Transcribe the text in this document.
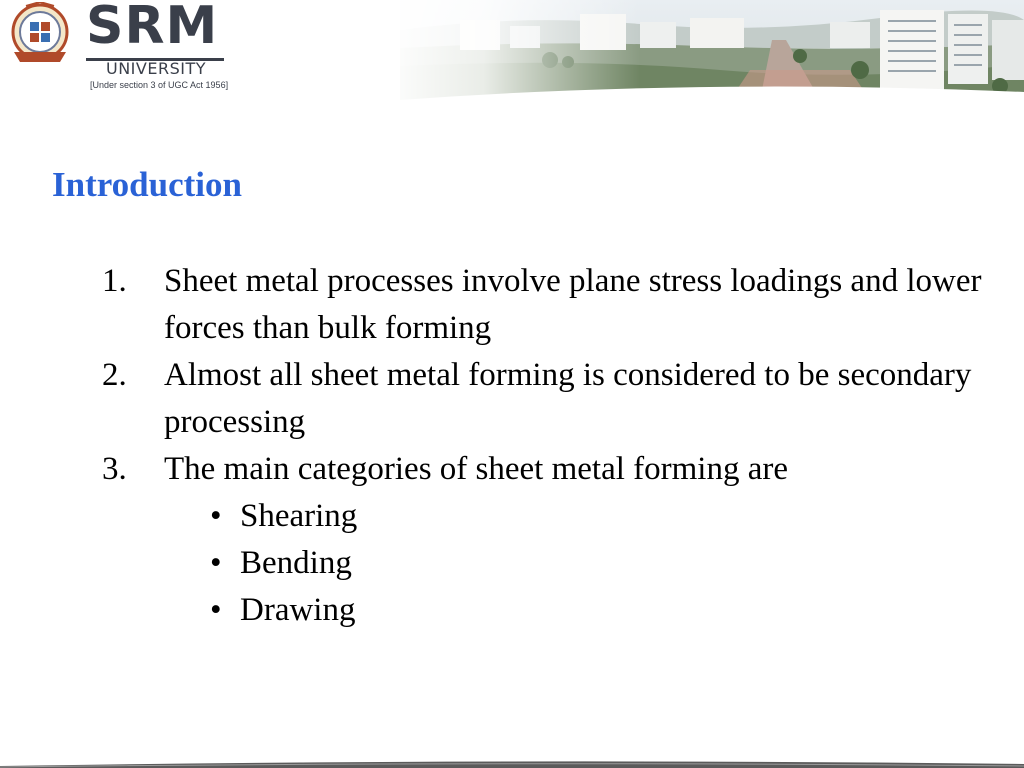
SRM
UNIVERSITY
[Under section 3 of UGC Act 1956]
Introduction
1. Sheet metal processes involve plane stress loadings and lower forces than bulk forming
2. Almost all sheet metal forming is considered to be secondary processing
3. The main categories of sheet metal forming are
• Shearing
• Bending
• Drawing
